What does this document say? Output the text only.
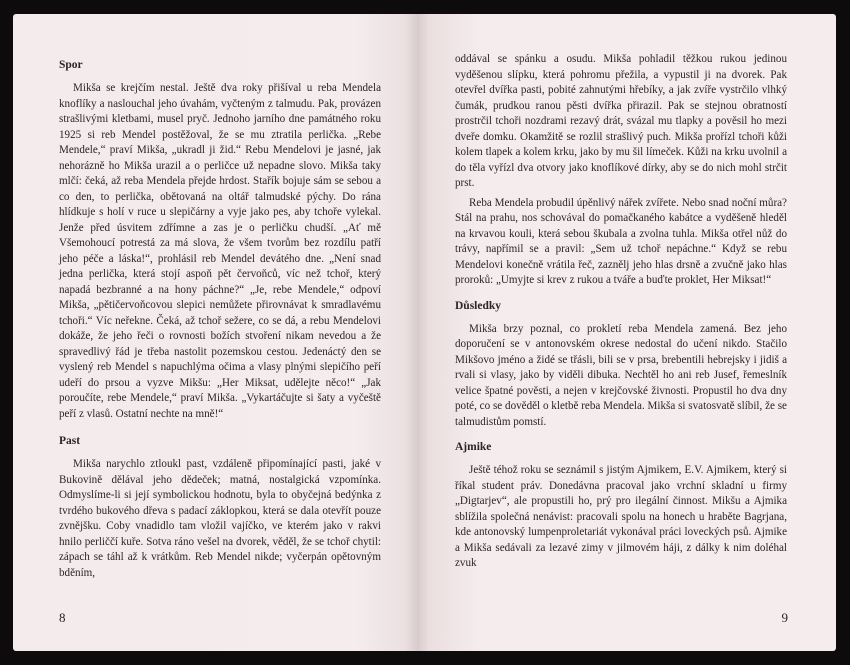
Spor

Mikša se krejčím nestal. Ještě dva roky přišíval u reba Mendela knoflíky a naslouchal jeho úvahám, vyčteným z talmudu. Pak, provázen strašlivými kletbami, musel pryč. Jednoho jarního dne památného roku 1925 si reb Mendel postěžoval, že se mu ztratila perlička. „Rebe Mendele,“ praví Mikša, „ukradl ji žid.“ Rebu Mendelovi je jasné, jak nehorázně ho Mikša urazil a o perličce už nepadne slovo. Mikša taky mlčí: čeká, až reba Mendela přejde hrdost. Stařík bojuje sám se sebou a co den, to perličkа, obětovaná na oltář talmudské pýchy. Do rána hlídkuje s holí v ruce u slepičárny a vyje jako pes, aby tchoře vylekal. Jenže před úsvitem zdřímne a zas je o perličku chudší. „Ať mě Všemohoucí potrestá za má slova, že všem tvorům bez rozdílu patří jeho péče a láska!“, prohlásil reb Mendel devátého dne. „Není snad jedna perlička, která stojí aspoň pět červoňců, víc než tchoř, který napadá bezbranné a na hony páchne?“ „Je, rebe Mendele,“ odpoví Mikša, „pětičervoňcovou slepici nemůžete přirovnávat k smradlavému tchoři.“ Víc neřekne. Čeká, až tchoř sežere, co se dá, a rebu Mendelovi dokáže, že jeho řeči o rovnosti božích stvoření nikam nevedou a že spravedlivý řád je třeba nastolit pozemskou cestou. Jedenáctý den se vyslený reb Mendel s napuchlýma očima a vlasy plnými slepičího peří udeří do prsou a vyzve Mikšu: „Her Miksat, udělejte něco!“ „Jak poroučíte, rebe Mendele,“ praví Mikša. „Vykartáčujte si šaty a vyčeště peří z vlasů. Ostatní nechte na mně!“

Past

Mikša narychlo ztloukl past, vzdáleně připomínající pasti, jaké v Bukovině dělával jeho dědeček; matná, nostalgická vzpomínka. Odmyslíme-li si její symbolickou hodnotu, byla to obyčejná bedýnka z tvrdého bukového dřeva s padací záklopkou, která se dala otevřít pouze zvnějšku. Coby vnadidlo tam vložil vajíčko, ve kterém jako v rakvi hnilo perliččí kuře. Sotva ráno vešel na dvorek, věděl, že se tchoř chytil: zápach se táhl až k vrátkům. Reb Mendel nikde; vyčerpán opětovným bděním,

8

oddával se spánku a osudu. Mikša pohladil těžkou rukou jedinou vyděšenou slípku, která pohromu přežila, a vypustil ji na dvorek. Pak otevřel dvířka pasti, pobité zahnutými hřebíky, a jak zvíře vystrčilo vlhký čumák, prudkou ranou pěsti dvířka přirazil. Pak se stejnou obratností prostrčil tchoři nozdrami rezavý drát, svázal mu tlapky a pověsil ho mezi dveře domku. Okamžitě se rozlil strašlivý puch. Mikša prořízl tchoři kůži kolem tlapek a kolem krku, jako by mu šil límeček. Kůži na krku uvolnil a do těla vyřízl dva otvory jako knoflíkové dírky, aby se do nich mohl strčit prst.

Reba Mendela probudil úpěnlivý nářek zvířete. Nebo snad noční můra? Stál na prahu, nos schovával do pomačkaného kabátce a vyděšeně hleděl na krvavou kouli, která sebou škubala a zvolna tuhla. Mikša otřel nůž do trávy, napřímil se a pravil: „Sem už tchoř nepáchne.“ Když se rebu Mendelovi konečně vrátila řeč, zaznělj jeho hlas drsně a zvučně jako hlas proroků: „Umyjte si krev z rukou a tváře a buďte proklet, Her Miksat!“

Důsledky

Mikša brzy poznal, co prokletí reba Mendela zamená. Bez jeho doporučení se v antonovském okrese nedostal do učení nikdo. Stačilo Mikšovo jméno a židé se třásli, bili se v prsa, brebentili hebrejsky i jidiš a rvali si vlasy, jako by viděli dibuka. Nechtěl ho ani reb Jusef, řemeslník velice špatné pověsti, a nejen v krejčovské živnosti. Propustil ho dva dny poté, co se dověděl o kletbě reba Mendela. Mikša si svatosvatě slíbil, že se talmudistům pomstí.

Ajmike

Ještě téhož roku se seznámil s jistým Ajmikem, E.V. Ajmikem, který si říkal student práv. Donedávna pracoval jako vrchní skladní u firmy „Digtarjev“, ale propustili ho, prý pro ilegální činnost. Mikšu a Ajmika sblížila společná nenávist: pracovali spolu na honech u hraběte Bagrjana, kde antonovský lumpenproletariát vykonával práci loveckých psů. Ajmike a Mikša sedávali za lezavé zimy v jilmovém háji, z dálky k nim doléhal zvuk

9
